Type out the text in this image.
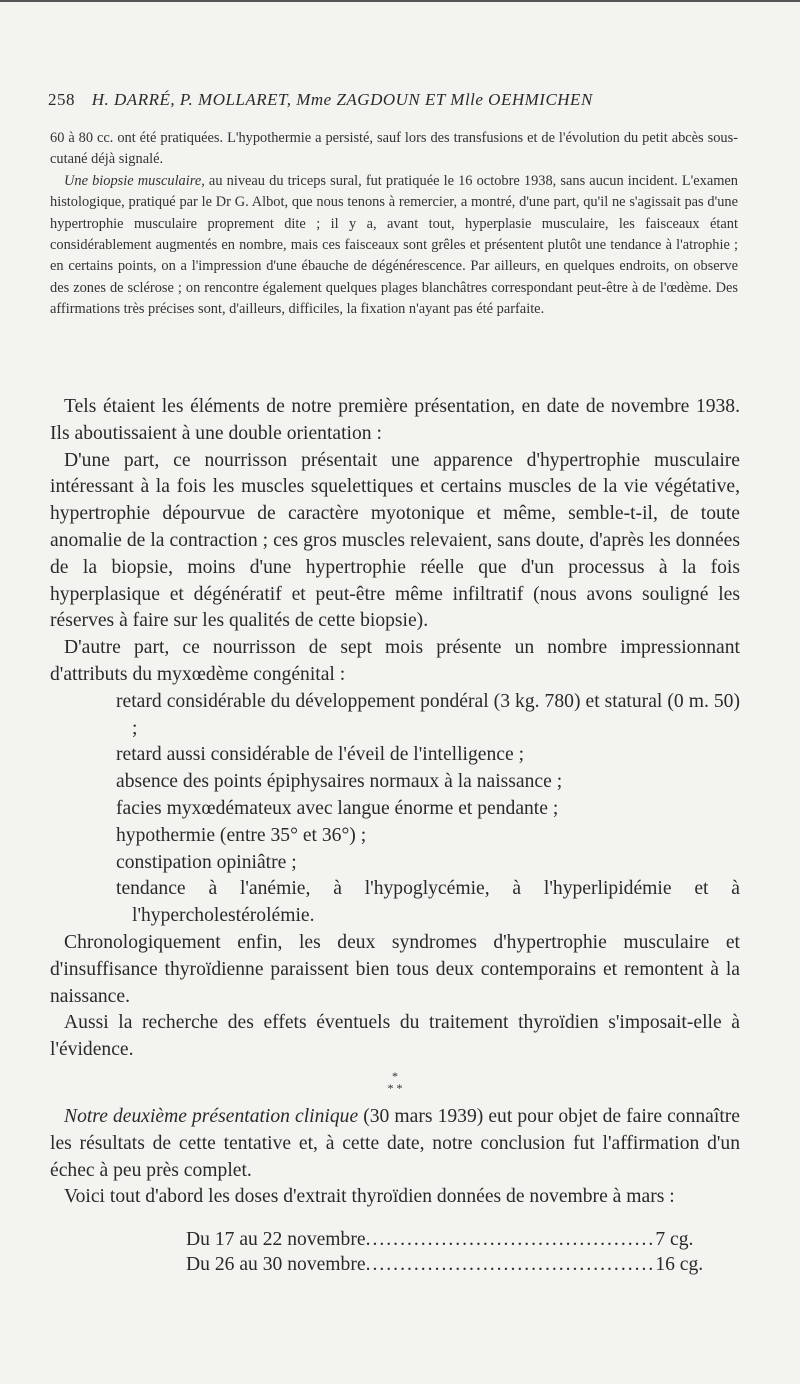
258 H. DARRÉ, P. MOLLARET, Mme ZAGDOUN ET Mlle OEHMICHEN

60 à 80 cc. ont été pratiquées. L'hypothermie a persisté, sauf lors des transfusions et de l'évolution du petit abcès sous-cutané déjà signalé.

Une biopsie musculaire, au niveau du triceps sural, fut pratiquée le 16 octobre 1938, sans aucun incident. L'examen histologique, pratiqué par le Dr G. Albot, que nous tenons à remercier, a montré, d'une part, qu'il ne s'agissait pas d'une hypertrophie musculaire proprement dite ; il y a, avant tout, hyperplasie musculaire, les faisceaux étant considérablement augmentés en nombre, mais ces faisceaux sont grêles et présentent plutôt une tendance à l'atrophie ; en certains points, on a l'impression d'une ébauche de dégénérescence. Par ailleurs, en quelques endroits, on observe des zones de sclérose ; on rencontre également quelques plages blanchâtres correspondant peut-être à de l'œdème. Des affirmations très précises sont, d'ailleurs, difficiles, la fixation n'ayant pas été parfaite.

Tels étaient les éléments de notre première présentation, en date de novembre 1938. Ils aboutissaient à une double orientation :

D'une part, ce nourrisson présentait une apparence d'hypertrophie musculaire intéressant à la fois les muscles squelettiques et certains muscles de la vie végétative, hypertrophie dépourvue de caractère myotonique et même, semble-t-il, de toute anomalie de la contraction ; ces gros muscles relevaient, sans doute, d'après les données de la biopsie, moins d'une hypertrophie réelle que d'un processus à la fois hyperplasique et dégénératif et peut-être même infiltratif (nous avons souligné les réserves à faire sur les qualités de cette biopsie).

D'autre part, ce nourrisson de sept mois présente un nombre impressionnant d'attributs du myxœdème congénital :

retard considérable du développement pondéral (3 kg. 780) et statural (0 m. 50) ;
retard aussi considérable de l'éveil de l'intelligence ;
absence des points épiphysaires normaux à la naissance ;
facies myxœdémateux avec langue énorme et pendante ;
hypothermie (entre 35° et 36°) ;
constipation opiniâtre ;
tendance à l'anémie, à l'hypoglycémie, à l'hyperlipidémie et à l'hypercholestérolémie.

Chronologiquement enfin, les deux syndromes d'hypertrophie musculaire et d'insuffisance thyroïdienne paraissent bien tous deux contemporains et remontent à la naissance.

Aussi la recherche des effets éventuels du traitement thyroïdien s'imposait-elle à l'évidence.

*
* *

Notre deuxième présentation clinique (30 mars 1939) eut pour objet de faire connaître les résultats de cette tentative et, à cette date, notre conclusion fut l'affirmation d'un échec à peu près complet.

Voici tout d'abord les doses d'extrait thyroïdien données de novembre à mars :

Du 17 au 22 novembre .......................................... 7 cg.
Du 26 au 30 novembre .......................................... 16 cg.
